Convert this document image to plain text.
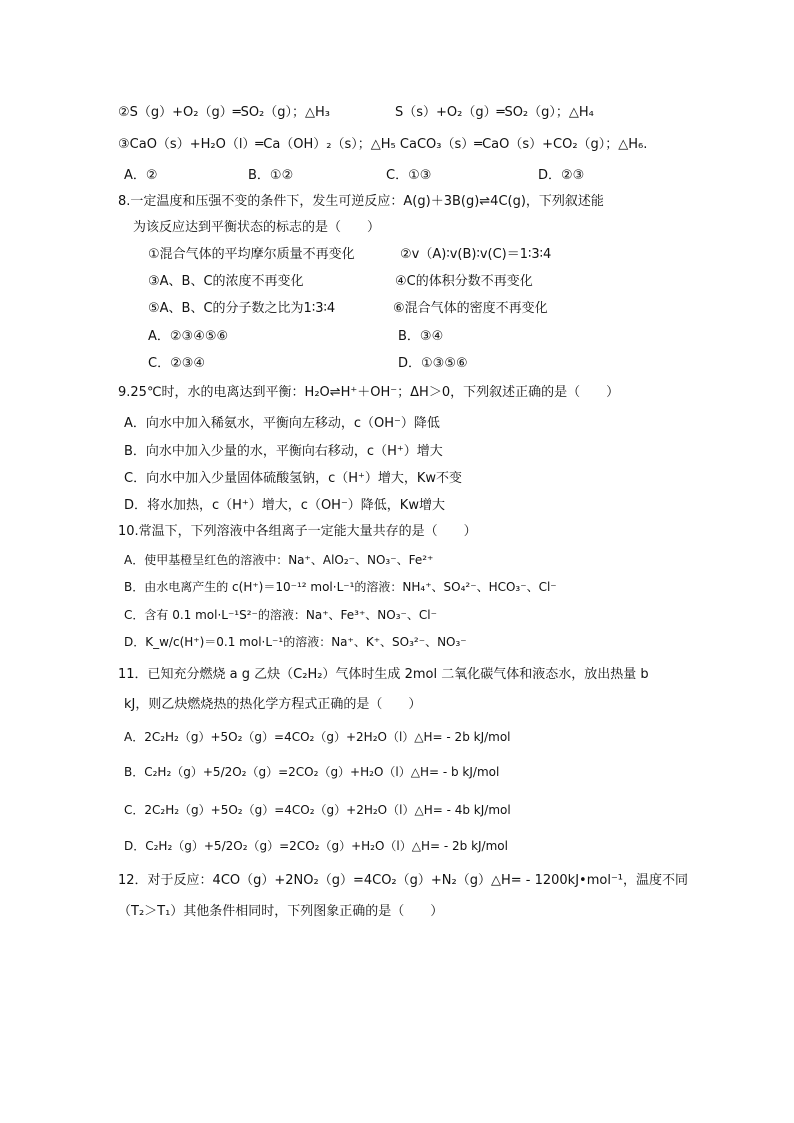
②S（g）+O₂（g）═SO₂（g）；△H₃	S（s）+O₂（g）═SO₂（g）；△H₄
③CaO（s）+H₂O（l）═Ca（OH）₂（s）；△H₅ CaCO₃（s）═CaO（s）+CO₂（g）；△H₆.
A．②	B．①②	C．①③	D．②③
8.一定温度和压强不变的条件下，发生可逆反应：A(g)＋3B(g)⇌4C(g)，下列叙述能
为该反应达到平衡状态的标志的是（　　）
①混合气体的平均摩尔质量不再变化	②v（A)∶v(B)∶v(C)＝1∶3∶4
③A、B、C的浓度不再变化	④C的体积分数不再变化
⑤A、B、C的分子数之比为1∶3∶4	⑥混合气体的密度不再变化
A．②③④⑤⑥	B．③④
C．②③④	D．①③⑤⑥
9.25℃时，水的电离达到平衡：H₂O⇌H⁺＋OH⁻；ΔH＞0，下列叙述正确的是（　　）
A．向水中加入稀氨水，平衡向左移动，c（OH⁻）降低
B．向水中加入少量的水，平衡向右移动，c（H⁺）增大
C．向水中加入少量固体硫酸氢钠，c（H⁺）增大，Kw不变
D．将水加热，c（H⁺）增大，c（OH⁻）降低，Kw增大
10.常温下，下列溶液中各组离子一定能大量共存的是（　　）
A．使甲基橙呈红色的溶液中：Na⁺、AlO₂⁻、NO₃⁻、Fe²⁺
B．由水电离产生的 c(H⁺)＝10⁻¹² mol·L⁻¹的溶液：NH₄⁺、SO₄²⁻、HCO₃⁻、Cl⁻
C．含有 0.1 mol·L⁻¹S²⁻的溶液：Na⁺、Fe³⁺、NO₃⁻、Cl⁻
D．K_w/c(H⁺)＝0.1 mol·L⁻¹的溶液：Na⁺、K⁺、SO₃²⁻、NO₃⁻
11．已知充分燃烧 a g 乙炔（C₂H₂）气体时生成 2mol 二氧化碳气体和液态水，放出热量 b
kJ，则乙炔燃烧热的热化学方程式正确的是（　　）
A．2C₂H₂（g）+5O₂（g）=4CO₂（g）+2H₂O（l）△H= - 2b kJ/mol
B．C₂H₂（g）+5/2O₂（g）=2CO₂（g）+H₂O（l）△H= - b kJ/mol
C．2C₂H₂（g）+5O₂（g）=4CO₂（g）+2H₂O（l）△H= - 4b kJ/mol
D．C₂H₂（g）+5/2O₂（g）=2CO₂（g）+H₂O（l）△H= - 2b kJ/mol
12．对于反应：4CO（g）+2NO₂（g）=4CO₂（g）+N₂（g）△H= - 1200kJ•mol⁻¹，温度不同
（T₂＞T₁）其他条件相同时，下列图象正确的是（　　）
